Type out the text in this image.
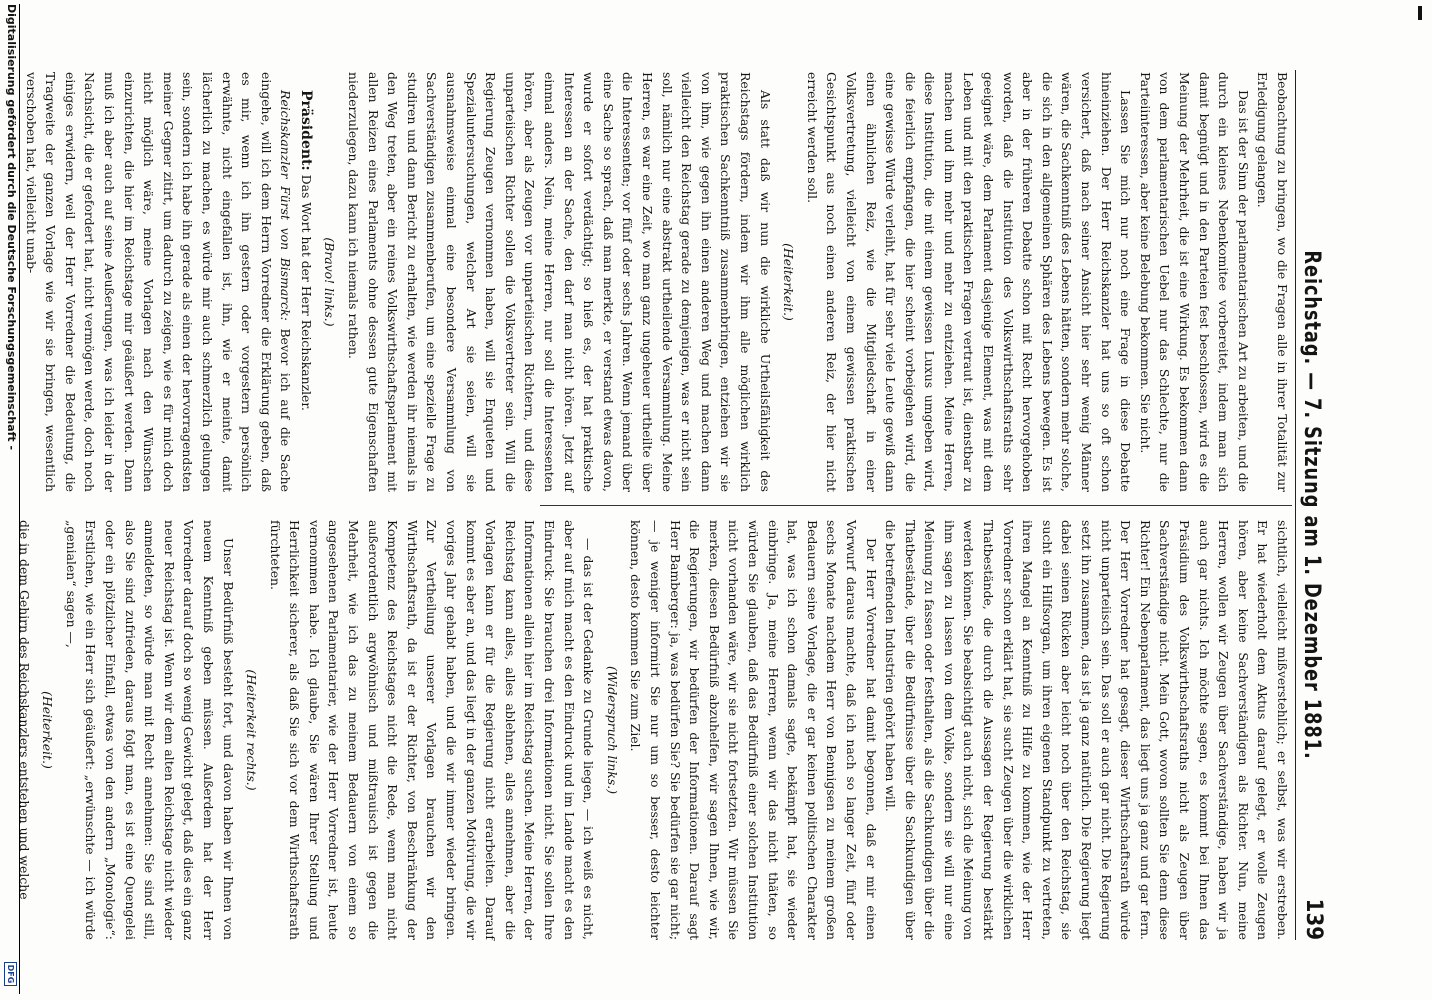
Reichstag. — 7. Sitzung am 1. Dezember 1881.
139

Beobachtung zu bringen, wo die Fragen alle in ihrer Totalität zur Erledigung gelangen.

Das ist der Sinn der parlamentarischen Art zu arbeiten, und die durch ein kleines Nebenkomitee vorbereitet, indem man sich damit begnügt und in den Parteien fest beschlossen, wird es die Meinung der Mehrheit, die ist eine Wirkung. Es bekommen dann von dem parlamentarischen Uebel nur das Schlechte, nur die Parteiinteressen, aber keine Belebung bekommen. Sie nicht.

Lassen Sie mich nur noch eine Frage in diese Debatte hineinziehen. Der Herr Reichskanzler hat uns so oft schon versichert, daß nach seiner Ansicht hier sehr wenig Männer wären, die Sachkenntniß des Lebens hätten, sondern mehr solche, die sich in den allgemeinen Sphären des Lebens bewegen. Es ist aber in der früheren Debatte schon mit Recht hervorgehoben worden, daß die Institution des Volkswirthschaftsraths sehr geeignet wäre, dem Parlament dasjenige Element, was mit dem Leben und mit den praktischen Fragen vertraut ist, dienstbar zu machen und ihm mehr und mehr zu entziehen. Meine Herren, diese Institution, die mit einem gewissen Luxus umgeben wird, die feierlich empfangen, die hier scheint vorbeigehen wird, die eine gewisse Würde verleiht, hat für sehr viele Leute gewiß dann einen ähnlichen Reiz, wie die Mitgliedschaft in einer Volksvertretung, vielleicht von einem gewissen praktischen Gesichtspunkt aus noch einen anderen Reiz, der hier nicht erreicht werden soll.

(Heiterkeit.)

Als statt daß wir nun die wirkliche Urtheilsfähigkeit des Reichstags fördern, indem wir ihm alle möglichen wirklich praktischen Sachkenntniß zusammenbringen, entziehen wir sie von ihm, wie gegen ihn einen anderen Weg und machen dann vielleicht den Reichstag gerade zu demjenigen, was er nicht sein soll, nämlich nur eine abstrakt urtheilende Versammlung. Meine Herren, es war eine Zeit, wo man ganz ungeheuer urtheilte über die Interessenten; vor fünf oder sechs Jahren. Wenn jemand über eine Sache so sprach, daß man merkte, er verstand etwas davon, wurde er sofort verdächtigt; so hieß es, der hat praktische Interessen an der Sache, den darf man nicht hören. Jetzt auf einmal anders. Nein, meine Herren, nur soll die Interessenten hören, aber als Zeugen vor unparteiischen Richtern, und diese unparteiischen Richter sollen die Volksvertreter sein. Will die Regierung Zeugen vernommen haben, will sie Enqueten und Spezialuntersuchungen, welcher Art sie seien, will sie ausnahmsweise einmal eine besondere Versammlung von Sachverständigen zusammenberufen, um eine spezielle Frage zu studiren und dann Bericht zu erhalten, wie werden ihr niemals in den Weg treten, aber ein reines Volkswirthschaftsparlament mit allen Reizen eines Parlaments ohne dessen gute Eigenschaften niederzulegen, dazu kann ich niemals rathen.

(Bravo! links.)

Präsident: Das Wort hat der Herr Reichskanzler.

Reichskanzler Fürst von Bismarck: Bevor ich auf die Sache eingehe, will ich dem Herrn Vorredner die Erklärung geben, daß es mir, wenn ich ihn gestern oder vorgestern persönlich erwähnte, nicht eingefallen ist, ihn, wie er meinte, damit lächerlich zu machen, es würde mir auch schmerzlich gelungen sein, sondern ich habe ihn gerade als einen der hervorragendsten meiner Gegner zitirt, um dadurch zu zeigen, wie es für mich doch nicht möglich wäre, meine Vorlagen nach den Wünschen einzurichten, die hier im Reichstage mir geäußert werden. Dann muß ich aber auch auf seine Aeußerungen, was ich leider in der Nachsicht, die er gefordert hat, nicht vermögen werde, doch noch einiges erwidern, weil der Herr Vorredner die Bedeutung, die Tragweite der ganzen Vorlage wie wir sie bringen, wesentlich verschoben hat, vielleicht unab-

sichtlich, vielleicht mißverstehlich; er selbst, was wir erstreben. Er hat wiederholt dem Aktus darauf gelegt, er wolle Zeugen hören, aber keine Sachverständigen als Richter. Nun, meine Herren, wollen wir Zeugen über Sachverständige, haben wir ja auch gar nichts. Ich möchte sagen, es kommt bei Ihnen das Präsidium des Volkswirthschaftsraths nicht als Zeugen über Sachverständige nicht. Mein Gott, wovon sollten Sie denn diese Richter! Ein Nebenparlament, das liegt uns ja ganz und gar fern. Der Herr Vorredner hat gesagt, dieser Wirthschaftsrath würde nicht unparteiisch sein. Das soll er auch gar nicht. Die Regierung setzt ihn zusammen, das ist ja ganz natürlich. Die Regierung liegt dabei seinen Rücken aber leicht noch über den Reichstag, sie sucht ein Hilfsorgan, um ihren eigenen Standpunkt zu vertreten, ihren Mangel an Kenntniß zu Hilfe zu kommen, wie der Herr Vorredner schon erklärt hat, sie sucht Zeugen über die wirklichen Thatbestände, die durch die Aussagen der Regierung bestärkt werden können. Sie beabsichtigt auch nicht, sich die Meinung von ihm sagen zu lassen von dem Volke, sondern sie will nur eine Meinung zu fassen oder festhalten, als die Sachkundigen über die Thatbestände, über die Bedürfnisse über die Sachkundigen über die betreffenden Industrien gehört haben will.

Der Herr Vorredner hat damit begonnen, daß er mir einen Vorwurf daraus machte, daß ich nach so langer Zeit, fünf oder sechs Monate nachdem Herr von Bennigsen zu meinem großen Bedauern seine Vorlage, die er gar keinen politischen Charakter hat, was ich schon damals sagte, bekämpft hat, sie wieder einbringe. Ja, meine Herren, wenn wir das nicht thäten, so würden Sie glauben, daß das Bedürfniß einer solchen Institution nicht vorhanden wäre, wir sie nicht fortsetzten. Wir müssen Sie merken, diesen Bedürfniß abzuhelfen, wir sagen Ihnen, wie wir, die Regierungen, wir bedürfen der Informationen. Darauf sagt Herr Bamberger: ja, was bedürfen Sie? Sie bedürfen sie gar nicht; — je weniger informirt Sie nur um so besser, desto leichter können, desto kommen Sie zum Ziel.

(Widerspruch links.)

— das ist der Gedanke zu Grunde liegen, — ich weiß es nicht, aber auf mich macht es den Eindruck und im Lande macht es den Eindruck: Sie brauchen drei Informationen nicht. Sie sollen Ihre Informationen allein hier im Reichstag suchen. Meine Herren, der Reichstag kann alles, alles ablehnen, alles annehmen, aber die Vorlagen kann er für die Regierung nicht erarbeiten. Darauf kommt es aber an, und das liegt in der ganzen Motivirung, die wir voriges Jahr gehabt haben, und die wir immer wieder bringen. Zur Vertheilung unserer Vorlagen brauchen wir den Wirthschaftsrath, da ist er der Richter, von Beschränkung der Kompetenz des Reichstages nicht die Rede, wenn man nicht außerordentlich argwöhnisch und mißtrauisch ist gegen die Mehrheit, wie ich das zu meinem Bedauern von einem so angesehenen Parlamentarier, wie der Herr Vorredner ist, heute vernommen habe. Ich glaube, Sie wären Ihrer Stellung und Herrlichkeit sicherer, als daß Sie sich vor dem Wirthschaftsrath fürchteten.

(Heiterkeit rechts.)

Unser Bedürfniß besteht fort, und davon haben wir Ihnen von neuem Kenntniß geben müssen. Außerdem hat der Herr Vorredner darauf doch so wenig Gewicht gelegt, daß dies ein ganz neuer Reichstag ist. Wenn wir dem alten Reichstage nicht wieder anmeldeten, so würde man mit Recht annehmen: Sie sind still, also Sie sind zufrieden, daraus folgt man, es ist eine Quengelei oder ein plötzlicher Einfall, etwas von den andern „Monologie“: Erstlichen, wie ein Herr sich geäußert: „erwünschte — ich würde „genialen“ sagen —,

(Heiterkeit.)

die in dem Gehirn des Reichskanzlers entstehen und welche

Digitalisierung gefördert durch die Deutsche Forschungsgemeinschaft -
DFG
